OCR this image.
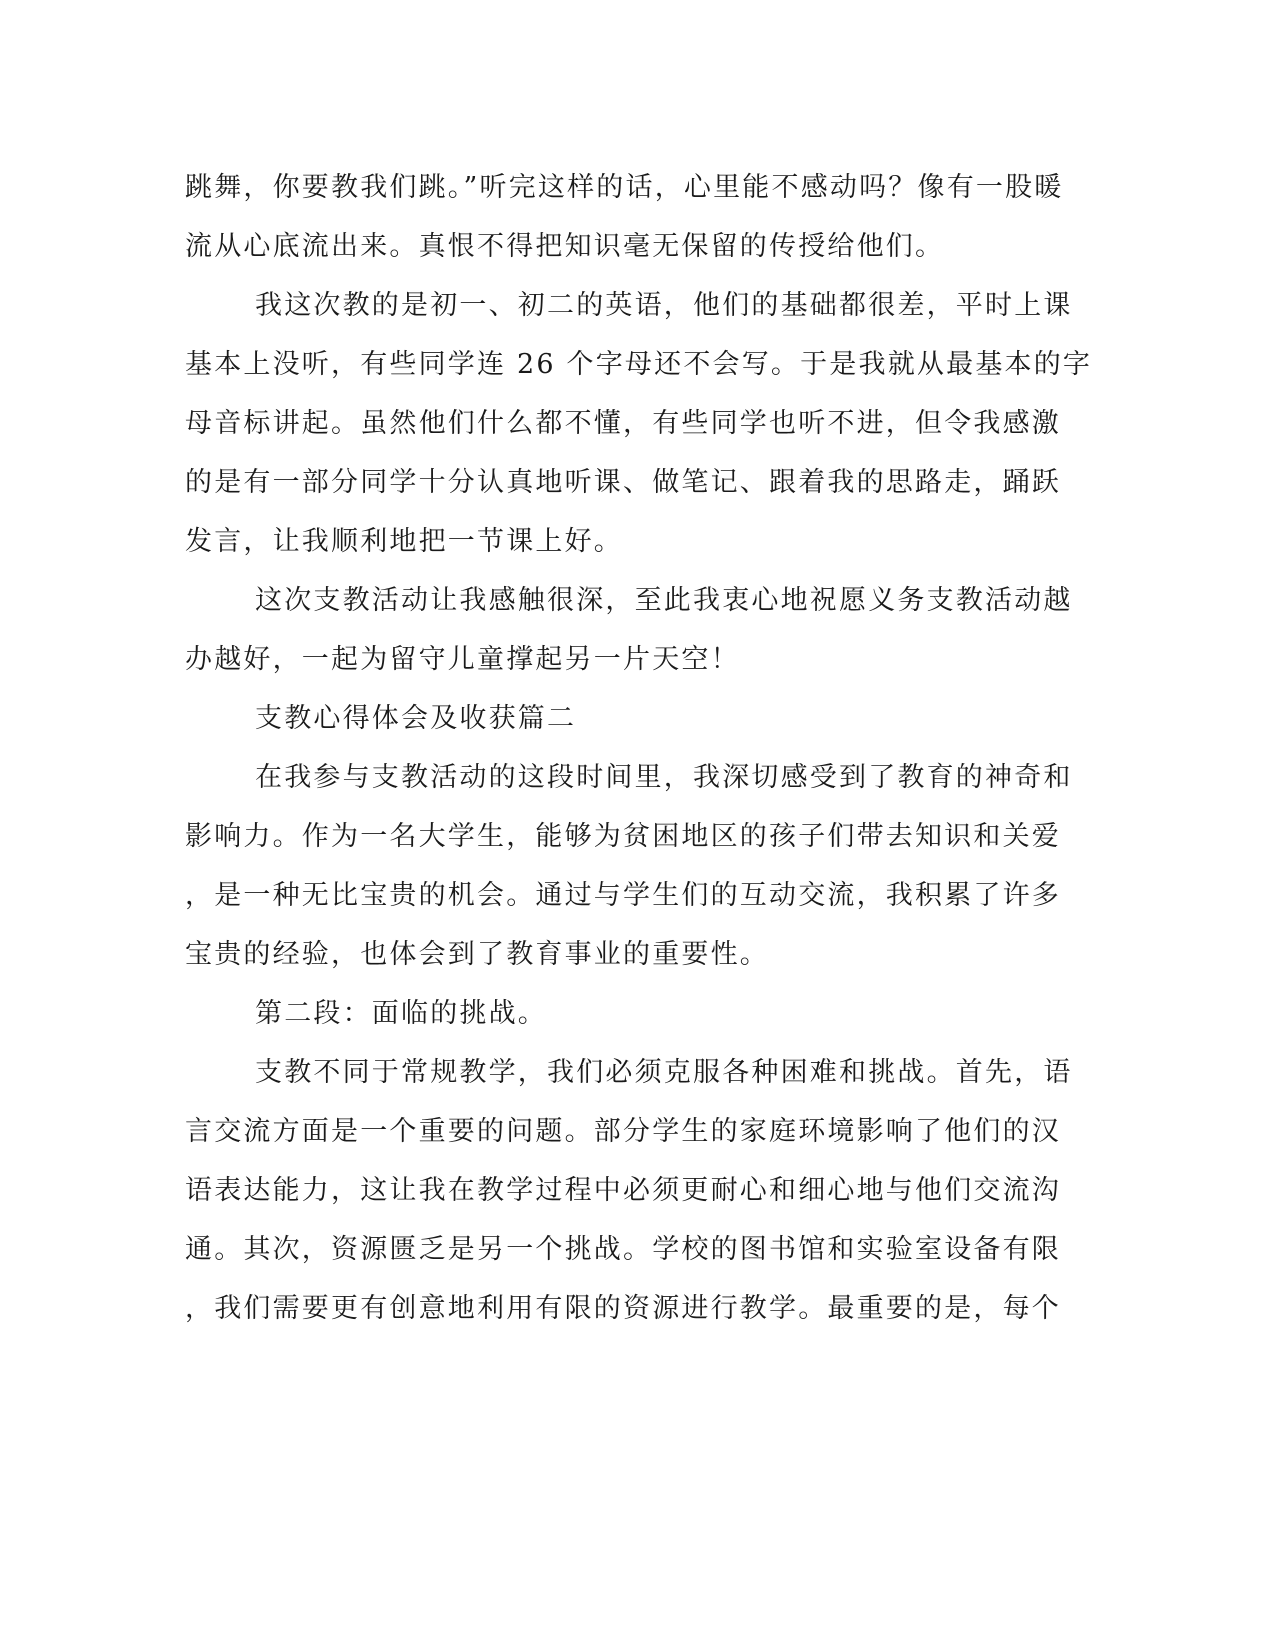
跳舞，你要教我们跳。”听完这样的话，心里能不感动吗？像有一股暖
流从心底流出来。真恨不得把知识毫无保留的传授给他们。
我这次教的是初一、初二的英语，他们的基础都很差，平时上课
基本上没听，有些同学连 26 个字母还不会写。于是我就从最基本的字
母音标讲起。虽然他们什么都不懂，有些同学也听不进，但令我感激
的是有一部分同学十分认真地听课、做笔记、跟着我的思路走，踊跃
发言，让我顺利地把一节课上好。
这次支教活动让我感触很深，至此我衷心地祝愿义务支教活动越
办越好，一起为留守儿童撑起另一片天空！
支教心得体会及收获篇二
在我参与支教活动的这段时间里，我深切感受到了教育的神奇和
影响力。作为一名大学生，能够为贫困地区的孩子们带去知识和关爱
，是一种无比宝贵的机会。通过与学生们的互动交流，我积累了许多
宝贵的经验，也体会到了教育事业的重要性。
第二段：面临的挑战。
支教不同于常规教学，我们必须克服各种困难和挑战。首先，语
言交流方面是一个重要的问题。部分学生的家庭环境影响了他们的汉
语表达能力，这让我在教学过程中必须更耐心和细心地与他们交流沟
通。其次，资源匮乏是另一个挑战。学校的图书馆和实验室设备有限
，我们需要更有创意地利用有限的资源进行教学。最重要的是，每个
